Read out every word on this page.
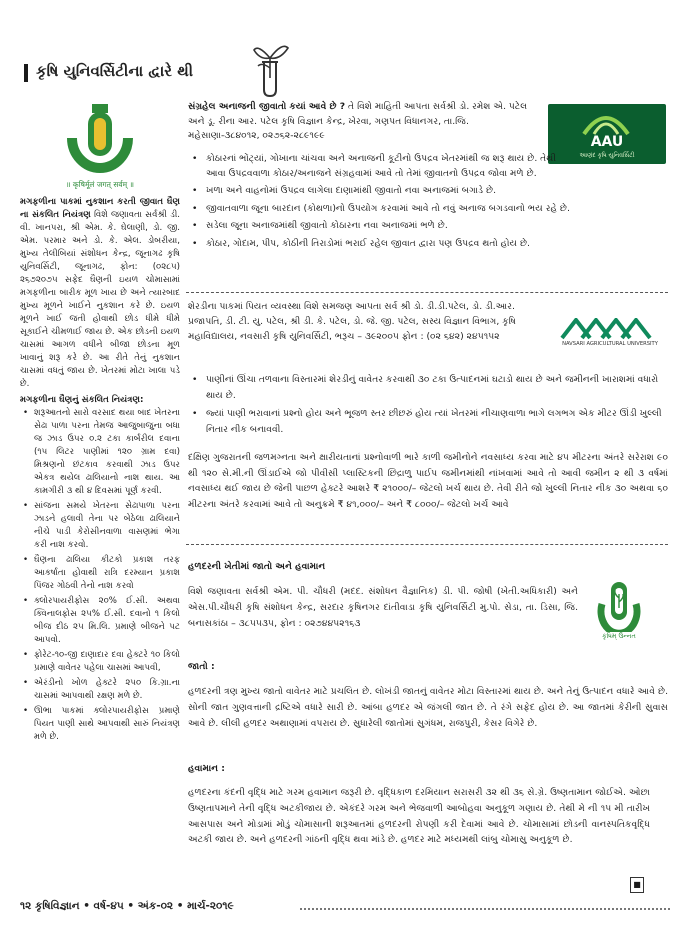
કૃષિ યુનિવર્સિટીના દ્વારે થી
॥ कृषिर्मूलं जगत् सर्वम् ॥
મગફળીના પાકમાં નુકશાન કરતી જીવાત ઘૈણ ના સંકલિત નિયંત્રણ વિશે જણાવતા સર્વશ્રી ડી. વી. ખાનપરા, શ્રી એમ. કે. ઘેલાણી, ડો. જી. એમ. પરમાર અને ડો. કે. એલ. ડોબરીયા, મુખ્ય તેલીબિયાં સંશોધન કેન્દ્ર, જૂનાગઢ કૃષિ યુનિવર્સિટી, જૂનાગઢ, ફોન: (૦૨૮૫) ૨૬૭૨૦૭૫ સફેદ ઘૈણની ઇયળ ચોમાસામાં મગફળીના બારીક મૂળ ખાય છે અને ત્યારબાદ મુખ્ય મૂળને ખાઈને નુકશાન કરે છે. ઇયળ મૂળને ખાઈ જતી હોવાથી છોડ ધીમે ધીમે સૂકાઈને ચીમળાઈ જાય છે. એક છોડની ઇયળ ચાસમાં આગળ વધીને બીજા છોડના મૂળ ખાવાનું શરૂ કરે છે. આ રીતે તેનું નુકશાન ચાસમાં વધતું જાય છે. ખેતરમાં મોટા ખાલા પડે છે.
મગફળીના ઘૈણનું સંકલિત નિયંત્રણ:
• શરૂઆતનો સારો વરસાદ થયા બાદ ખેતરના સેઢા પાળા પરના તેમજ આજુબાજુના બધા જ ઝાડ ઉપર ૦.૨ ટકા કાર્બરીલ દવાના (૧૫ લિટર પાણીમાં ૧૨૦ ગ્રામ દવા) મિશ્રણનો છંટકાવ કરવાથી ઝાડ ઉપર એકત્ર થયેલ ઢાલિયાનો નાશ થાય. આ કામગીરી ૩ થી ૪ દિવસમાં પૂર્ણ કરવી.
• સાંજના સમયે ખેતરના સેઢાપાળા પરના ઝાડને હલાવી તેના પર બેઠેલા ઢાલિયાને નીચે પાડી કેરોસીનવાળા વાસણમાં ભેગા કરી નાશ કરવો.
• ઘૈણના ઢાલિયા કીટકો પ્રકાશ તરફ આકર્ષાતા હોવાથી રાત્રિ દરમ્યાન પ્રકાશ પિંજર ગોઠવી તેનો નાશ કરવો
• ક્લોરપાયરીફોસ ૨૦% ઈ.સી. અથવા ક્વિનાલફોસ ૨૫% ઈ.સી. દવાનો ૧ કિલો બીજ દીઠ ૨૫ મિ.લિ. પ્રમાણે બીજને પટ આપવો.
• ફોરેટ-૧૦-જી દાણાદાર દવા હેક્ટરે ૧૦ કિલો પ્રમાણે વાવેતર પહેલા ચાસમાં આપવી,
• એરંડીનો ખોળ હેક્ટરે ૨૫૦ કિ.ગ્રા.ના ચાસમાં આપવાથી રક્ષણ મળે છે.
• ઊભા પાકમાં ક્લોરપાયરીફોસ પ્રમાણે પિયત પાણી સાથે આપવાથી સારું નિયંત્રણ મળે છે.
સંગ્રહેલ અનાજની જીવાતો કયાં આવે છે ? તે વિશે માહિતી આપતા સર્વશ્રી ડો. રમેશ એ. પટેલ અને ડૂ. રીના આર. પટેલ કૃષિ વિજ્ઞાન કેન્દ્ર, ખેરવા, ગણપત વિધાનગર, તા.જિ. મહેસાણા-૩૮૪૦૧૨, ૦૨૭૬૨-૨૮૯૧૯૯	AAU
આણંદ કૃષિ યુનિવર્સિટી
• કોઠારનાં ભોંટ્યાં, ગોખાના ચાંચવા અને અનાજની કૂટીનો ઉપદ્રવ ખેતરમાંથી જ શરૂ થાય છે. તેથી આવા ઉપદ્રવવાળા કોઠાર/અનાજને સંગ્રહવામાં આવે તો તેમાં જીવાતનો ઉપદ્રવ જોવા મળે છે.
• ખળા અને વાહનોમાં ઉપદ્રવ લાગેલા દાણામાંથી જીવાતો નવા અનાજમાં બગાડે છે.
• જીવાતવાળા જૂના બારદાન (કોથળા)નો ઉપયોગ કરવામાં આવે તો નવું અનાજ બગડવાનો ભય રહે છે.
• સડેલા જૂના અનાજમાંથી જીવાતો કોઠારના નવા અનાજમાં ભળે છે.
• કોઠાર, ગોદામ, પીપ, કોઠીની તિરાડોમાં ભરાઈ રહેલ જીવાત દ્વારા પણ ઉપદ્રવ થતો હોય છે.
શેરડીના પાકમાં પિયત વ્યવસ્થા વિશે સમજણ આપતા સર્વ શ્રી ડો. ડી.ડી.પટેલ, ડો. ડી.આર. પ્રજાપતિ, ડી. ટી. યુ. પટેલ, શ્રી ડી. કે. પટેલ, ડો. જે. જી. પટેલ, સસ્ય વિજ્ઞાન વિભાગ, કૃષિ મહાવિદ્યાલય, નવસારી કૃષિ યુનિવર્સિટી, ભરૂચ – ૩૯૨૦૦૫ ફોન : (૦૨ ૬૪૨) ૨૪૫૧૫૨
NAVSARI AGRICULTURAL UNIVERSITY
• પાણીનાં ઊંચા તળવાના વિસ્તારમાં શેરડીનું વાવેતર કરવાથી ૩૦ ટકા ઉત્પાદનમાં ઘટાડો થાય છે અને જમીનની ખારાશમાં વધારો થાય છે.
• જ્યાં પાણી ભરાવાનાં પ્રશ્નો હોય અને ભૂજળ સ્તર છીછરું હોય ત્યાં ખેતરમાં નીચાણવાળા ભાગે લગભગ એક મીટર ઊંડી ખુલ્લી નિતાર નીક બનાવવી.
દક્ષિણ ગુજરાતની જળમગ્નતા અને ક્ષારીયતાનાં પ્રશ્નોવાળી ભારે કાળી જમીનોને નવસાધ્ય કરવા માટે ૪૫ મીટરના અંતરે સરેરાશ ૯૦ થી ૧૨૦ સે.મી.ની ઊંડાઈએ જો પીવીસી પ્લાસ્ટિકની છિદ્રાળુ પાઈપ જમીનમાંથી નાંખવામાં આવે તો આવી જમીન ૨ થી ૩ વર્ષમાં નવસાધ્ય થઈ જાય છે જેની પાછળ હેક્ટરે આશરે ₹ ૨૧૦૦૦/– જેટલો ખર્ચ થાય છે. તેવી રીતે જો ખુલ્લી નિતાર નીક ૩૦ અથવા ૬૦ મીટરના અંતરે કરવામાં આવે તો અનુક્રમે ₹ ૪૧,૦૦૦/– અને ₹ ૮૦૦૦/– જેટલો ખર્ચ આવે
હળદરની ખેતીમાં જાતો અને હવામાન
વિશે જણાવતા સર્વશ્રી એમ. પી. ચૌધરી (મદદ. સંશોધન વૈજ્ઞાનિક) ડી. પી. જોષી (ખેતી.અધિકારી) અને એસ.પી.ચૌધરી કૃષિ સંશોધન કેન્દ્ર, સરદાર કૃષિનગર દાંતીવાડા કૃષિ યુનિવર્સિટી મુ.પો. સેડા, તા. ડિસા, જિ. બનાસકાંઠા – ૩૮૫૫૩૫, ફોન : ૦૨૭૪૪૫૨૧૬૩
કૃષિમ્ ઉન્નત
જાતો :
હળદરની ત્રણ મુખ્ય જાતો વાવેતર માટે પ્રચલિત છે. લોખંડી જાતનું વાવેતર મોટા વિસ્તારમાં થાય છે. અને તેનું ઉત્પાદન વધારે આવે છે. સોની જાત ગુણવત્તાની દ્રષ્ટિએ વધારે સારી છે. આંબા હળદર એ જંગલી જાત છે. તે રંગે સફેદ હોય છે. આ જાતમાં કેરીની સુવાસ આવે છે. લીલી હળદર અથાણામાં વપરાય છે. સુધારેલી જાતોમાં સુગંધમ, રાજપુરી, કેસર વિગેરે છે.
હવામાન :
હળદરના કંદની વૃદ્ધિ માટે ગરમ હવામાન જરૂરી છે. વૃદ્ધિકાળ દરમિયાન સરાસરી ૩૨ થી ૩૬ સે.ગ્રે. ઉષ્ણતામાન જોઈએ. ઓછા ઉષ્ણતાપમાને તેની વૃદ્ધિ અટકીજાય છે. એકંદરે ગરમ અને ભેજવાળી આબોહવા અનુકૂળ ગણાય છે. તેથી મે ની ૧૫ મી તારીખ આસપાસ અને મોડામાં મોડું ચોમાસાની શરૂઆતમાં હળદરની રોપણી કરી દેવામાં આવે છે. ચોમાસામાં છોડની વાનસ્પતિકવૃદ્ધિ અટકી જાય છે. અને હળદરની ગાંઠની વૃદ્ધિ થવા માંડે છે. હળદર માટે મધ્યમથી લાંબુ ચોમાસુ અનુકૂળ છે.
■
૧૨ કૃષિવિજ્ઞાન • વર્ષ-૪૫ • અંક-૦૨ • માર્ચ-૨૦૧૯
